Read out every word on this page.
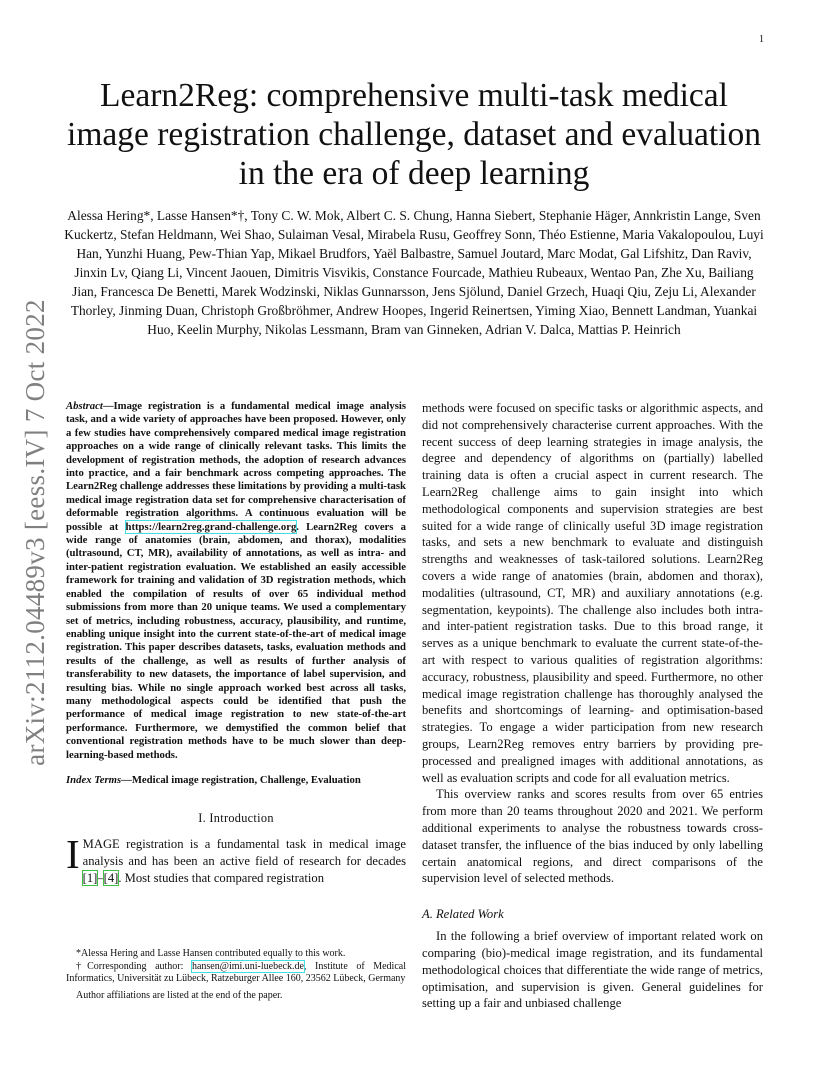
1
arXiv:2112.04489v3 [eess.IV] 7 Oct 2022
Learn2Reg: comprehensive multi-task medical image registration challenge, dataset and evaluation in the era of deep learning

Alessa Hering*, Lasse Hansen*†, Tony C. W. Mok, Albert C. S. Chung, Hanna Siebert, Stephanie Häger, Annkristin Lange, Sven Kuckertz, Stefan Heldmann, Wei Shao, Sulaiman Vesal, Mirabela Rusu, Geoffrey Sonn, Théo Estienne, Maria Vakalopoulou, Luyi Han, Yunzhi Huang, Pew-Thian Yap, Mikael Brudfors, Yaël Balbastre, Samuel Joutard, Marc Modat, Gal Lifshitz, Dan Raviv, Jinxin Lv, Qiang Li, Vincent Jaouen, Dimitris Visvikis, Constance Fourcade, Mathieu Rubeaux, Wentao Pan, Zhe Xu, Bailiang Jian, Francesca De Benetti, Marek Wodzinski, Niklas Gunnarsson, Jens Sjölund, Daniel Grzech, Huaqi Qiu, Zeju Li, Alexander Thorley, Jinming Duan, Christoph Großbröhmer, Andrew Hoopes, Ingerid Reinertsen, Yiming Xiao, Bennett Landman, Yuankai Huo, Keelin Murphy, Nikolas Lessmann, Bram van Ginneken, Adrian V. Dalca, Mattias P. Heinrich

Abstract—Image registration is a fundamental medical image analysis task, and a wide variety of approaches have been proposed. However, only a few studies have comprehensively compared medical image registration approaches on a wide range of clinically relevant tasks. This limits the development of registration methods, the adoption of research advances into practice, and a fair benchmark across competing approaches. The Learn2Reg challenge addresses these limitations by providing a multi-task medical image registration data set for comprehensive characterisation of deformable registration algorithms. A continuous evaluation will be possible at https://learn2reg.grand-challenge.org. Learn2Reg covers a wide range of anatomies (brain, abdomen, and thorax), modalities (ultrasound, CT, MR), availability of annotations, as well as intra- and inter-patient registration evaluation. We established an easily accessible framework for training and validation of 3D registration methods, which enabled the compilation of results of over 65 individual method submissions from more than 20 unique teams. We used a complementary set of metrics, including robustness, accuracy, plausibility, and runtime, enabling unique insight into the current state-of-the-art of medical image registration. This paper describes datasets, tasks, evaluation methods and results of the challenge, as well as results of further analysis of transferability to new datasets, the importance of label supervision, and resulting bias. While no single approach worked best across all tasks, many methodological aspects could be identified that push the performance of medical image registration to new state-of-the-art performance. Furthermore, we demystified the common belief that conventional registration methods have to be much slower than deep-learning-based methods.

Index Terms—Medical image registration, Challenge, Evaluation

I. Introduction

IMAGE registration is a fundamental task in medical image analysis and has been an active field of research for decades [1]–[4]. Most studies that compared registration

*Alessa Hering and Lasse Hansen contributed equally to this work.

†Corresponding author: hansen@imi.uni-luebeck.de, Institute of Medical Informatics, Universität zu Lübeck, Ratzeburger Allee 160, 23562 Lübeck, Germany

Author affiliations are listed at the end of the paper.

methods were focused on specific tasks or algorithmic aspects, and did not comprehensively characterise current approaches. With the recent success of deep learning strategies in image analysis, the degree and dependency of algorithms on (partially) labelled training data is often a crucial aspect in current research. The Learn2Reg challenge aims to gain insight into which methodological components and supervision strategies are best suited for a wide range of clinically useful 3D image registration tasks, and sets a new benchmark to evaluate and distinguish strengths and weaknesses of task-tailored solutions. Learn2Reg covers a wide range of anatomies (brain, abdomen and thorax), modalities (ultrasound, CT, MR) and auxiliary annotations (e.g. segmentation, keypoints). The challenge also includes both intra- and inter-patient registration tasks. Due to this broad range, it serves as a unique benchmark to evaluate the current state-of-the-art with respect to various qualities of registration algorithms: accuracy, robustness, plausibility and speed. Furthermore, no other medical image registration challenge has thoroughly analysed the benefits and shortcomings of learning- and optimisation-based strategies. To engage a wider participation from new research groups, Learn2Reg removes entry barriers by providing pre-processed and prealigned images with additional annotations, as well as evaluation scripts and code for all evaluation metrics.

This overview ranks and scores results from over 65 entries from more than 20 teams throughout 2020 and 2021. We perform additional experiments to analyse the robustness towards cross-dataset transfer, the influence of the bias induced by only labelling certain anatomical regions, and direct comparisons of the supervision level of selected methods.

A. Related Work

In the following a brief overview of important related work on comparing (bio)-medical image registration, and its fundamental methodological choices that differentiate the wide range of metrics, optimisation, and supervision is given. General guidelines for setting up a fair and unbiased challenge
